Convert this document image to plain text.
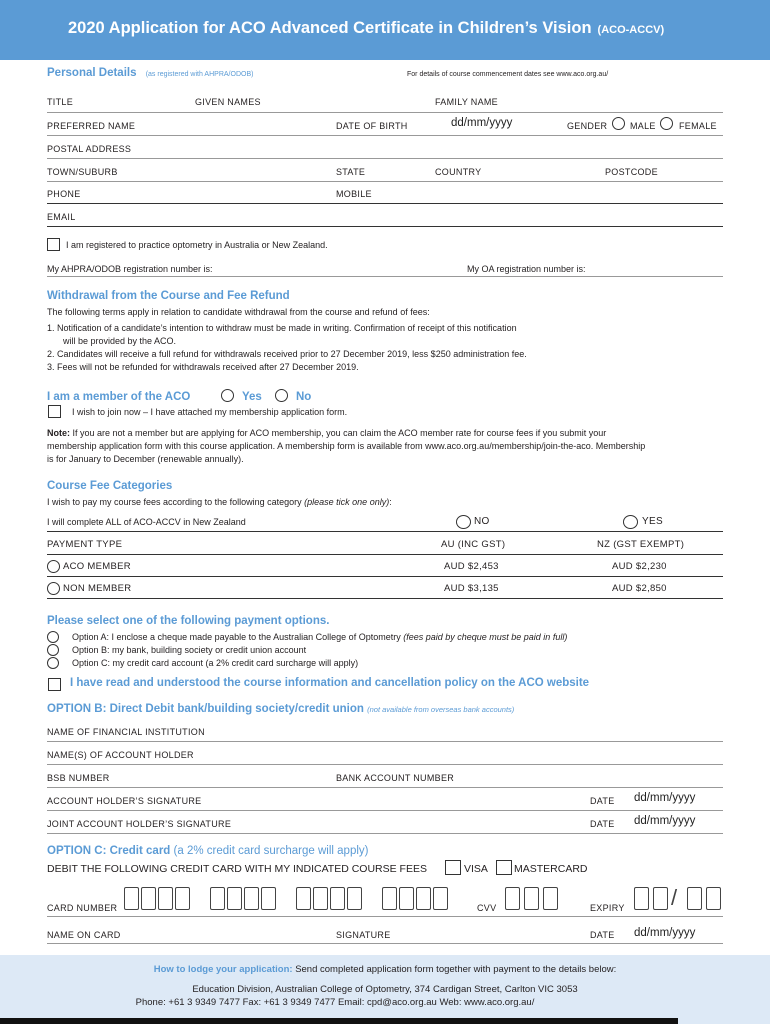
2020 Application for ACO Advanced Certificate in Children’s Vision (ACO-ACCV)
Personal Details (as registered with AHPRA/ODOB)	For details of course commencement dates see www.aco.org.au/
TITLE	GIVEN NAMES	FAMILY NAME
PREFERRED NAME	DATE OF BIRTH	dd/mm/yyyy	GENDER	MALE	FEMALE
POSTAL ADDRESS
TOWN/SUBURB	STATE	COUNTRY	POSTCODE
PHONE	MOBILE
EMAIL
I am registered to practice optometry in Australia or New Zealand.
My AHPRA/ODOB registration number is:	My OA registration number is:
Withdrawal from the Course and Fee Refund
The following terms apply in relation to candidate withdrawal from the course and refund of fees:
1. Notification of a candidate’s intention to withdraw must be made in writing. Confirmation of receipt of this notification
will be provided by the ACO.
2. Candidates will receive a full refund for withdrawals received prior to 27 December 2019, less $250 administration fee.
3. Fees will not be refunded for withdrawals received after 27 December 2019.
I am a member of the ACO	Yes	No
I wish to join now – I have attached my membership application form.
Note: If you are not a member but are applying for ACO membership, you can claim the ACO member rate for course fees if you submit your
membership application form with this course application. A membership form is available from www.aco.org.au/membership/join-the-aco. Membership
is for January to December (renewable annually).
Course Fee Categories
I wish to pay my course fees according to the following category (please tick one only):
I will complete ALL of ACO-ACCV in New Zealand	NO	YES
PAYMENT TYPE	AU (INC GST)	NZ (GST EXEMPT)
ACO MEMBER	AUD $2,453	AUD $2,230
NON MEMBER	AUD $3,135	AUD $2,850
Please select one of the following payment options.
Option A: I enclose a cheque made payable to the Australian College of Optometry (fees paid by cheque must be paid in full)
Option B: my bank, building society or credit union account
Option C: my credit card account (a 2% credit card surcharge will apply)
I have read and understood the course information and cancellation policy on the ACO website
OPTION B: Direct Debit bank/building society/credit union (not available from overseas bank accounts)
NAME OF FINANCIAL INSTITUTION
NAME(S) OF ACCOUNT HOLDER
BSB NUMBER	BANK ACCOUNT NUMBER
ACCOUNT HOLDER’S SIGNATURE	DATE dd/mm/yyyy
JOINT ACCOUNT HOLDER’S SIGNATURE	DATE dd/mm/yyyy
OPTION C: Credit card (a 2% credit card surcharge will apply)
DEBIT THE FOLLOWING CREDIT CARD WITH MY INDICATED COURSE FEES	VISA MASTERCARD
CARD NUMBER	CVV	EXPIRY /
NAME ON CARD	SIGNATURE	DATE dd/mm/yyyy
How to lodge your application: Send completed application form together with payment to the details below:
Education Division, Australian College of Optometry, 374 Cardigan Street, Carlton VIC 3053
Phone: +61 3 9349 7477 Fax: +61 3 9349 7477 Email: cpd@aco.org.au Web: www.aco.org.au/
